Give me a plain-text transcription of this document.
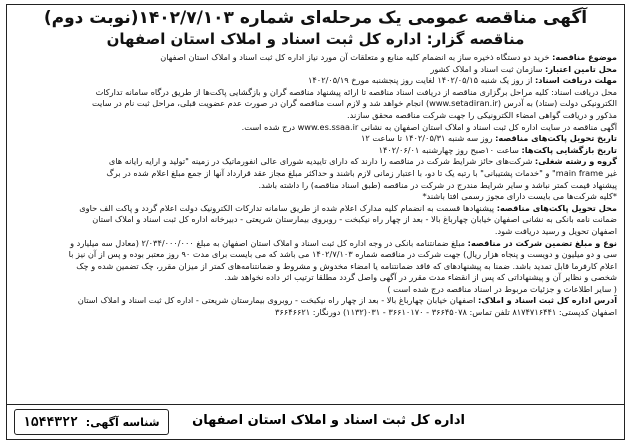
آگهی مناقصه عمومی یک مرحله‌ای شماره ۱۴۰۲/۷/۱۰۳(نوبت دوم)
مناقصه گزار: اداره کل ثبت اسناد و املاک استان اصفهان
موضوع مناقصه: خرید دو دستگاه ذخیره ساز به انضمام کلیه منابع و متعلقات آن مورد نیاز اداره کل ثبت اسناد و املاک استان اصفهان
محل تامین اعتبار: سازمان ثبت اسناد و املاک کشور
مهلت دریافت اسناد: از روز یک شنبه ۱۴۰۲/۰۵/۱۵ لغایت روز پنجشنبه مورخ ۱۴۰۲/۰۵/۱۹
محل دریافت اسناد: کلیه مراحل برگزاری مناقصه از دریافت اسناد مناقصه تا ارائه پیشنهاد مناقصه گران و بازگشایی پاکت‌ها از طریق درگاه سامانه تدارکات
الکترونیکی دولت (ستاد) به آدرس (www.setadiran.ir) انجام خواهد شد و لازم است مناقصه گران در صورت عدم عضویت قبلی، مراحل ثبت نام در سایت
مذکور و دریافت گواهی امضاء الکترونیکی را جهت شرکت مناقصه محقق سازند.
آگهی مناقصه در سایت اداره کل ثبت اسناد و املاک استان اصفهان به نشانی www.es.ssaa.ir درج شده است.
تاریخ تحویل پاکت‌های مناقصه: روز سه شنبه ۱۴۰۲/۰۵/۳۱ تا ساعت ۱۲
تاریخ بازگشایی پاکت‌ها: ساعت ۱۰صبح روز چهارشنبه ۱۴۰۲/۰۶/۰۱
گروه و رشته شغلی: شرکت‌های حائز شرایط شرکت در مناقصه را دارند که دارای تاییدیه شورای عالی انفورماتیک در زمینه "تولید و ارایه رایانه های
غیر main frame" و "خدمات پشتیبانی" با رتبه یک تا دو، با اعتبار زمانی لازم باشند و حداکثر مبلغ مجاز عقد قرارداد آنها از جمع مبلغ اعلام شده در برگ
پیشنهاد قیمت کمتر نباشد و سایر شرایط مندرج در شرکت در مناقصه (طبق اسناد مناقصه) را داشته باشد.
*کلیه شرکت‌ها می بایست دارای مجوز رسمی افتا باشند*
محل تحویل پاکت‌های مناقصه: پیشنهادها قسمت به انضمام کلیه مدارک اعلام شده از طریق سامانه تدارکات الکترونیک دولت اعلام گردد و پاکت الف حاوی
ضمانت نامه بانکی به نشانی اصفهان خیابان چهارباغ بالا - بعد از چهار راه نیکبخت - روبروی بیمارستان شریعتی - دبیرخانه اداره کل ثبت اسناد و املاک استان
اصفهان تحویل و رسید دریافت شود.
نوع و مبلغ تضمین شرکت در مناقصه: مبلغ ضمانتنامه بانکی در وجه اداره کل ثبت اسناد و املاک استان اصفهان به مبلغ ۲/۰۳۴/۰۰۰/۰۰۰ (معادل سه میلیارد و
سی و دو میلیون و دویست و پنجاه هزار ریال) جهت شرکت در مناقصه شماره ۱۴۰۲/۷/۱۰۳ می باشد که می بایست برای مدت ۹۰ روز معتبر بوده و پس از آن نیز با
اعلام کارفرما قابل تمدید باشد. ضمنا به پیشنهادهای که فاقد ضمانتنامه یا امضاء مخدوش و مشروط و ضمانتنامه‌های کمتر از میزان مقرر، چک تضمین شده و چک
شخصی و نظایر آن و پیشنهاداتی که پس از انقضاء مدت مقرر در آگهی واصل گردد مطلقا ترتیب اثر داده نخواهد شد.
( سایر اطلاعات و جزئیات مربوط در اسناد مناقصه درج شده است )
آدرس اداره کل ثبت اسناد و املاک: اصفهان خیابان چهارباغ بالا - بعد از چهار راه نیکبخت - روبروی بیمارستان شریعتی - اداره کل ثبت اسناد و املاک استان
اصفهان کدپستی: ۸۱۷۴۷۱۶۴۴۱ تلفن تماس: ۳۶۶۴۵۰۷۸ - ۳۶۶۱۰۱۷۰ - ۰۳۱(۱۱۳۲) دورنگار: ۳۶۶۴۶۶۲۱
شناسه آگهی:
۱۵۴۴۳۲۲	اداره کل ثبت اسناد و املاک استان اصفهان
